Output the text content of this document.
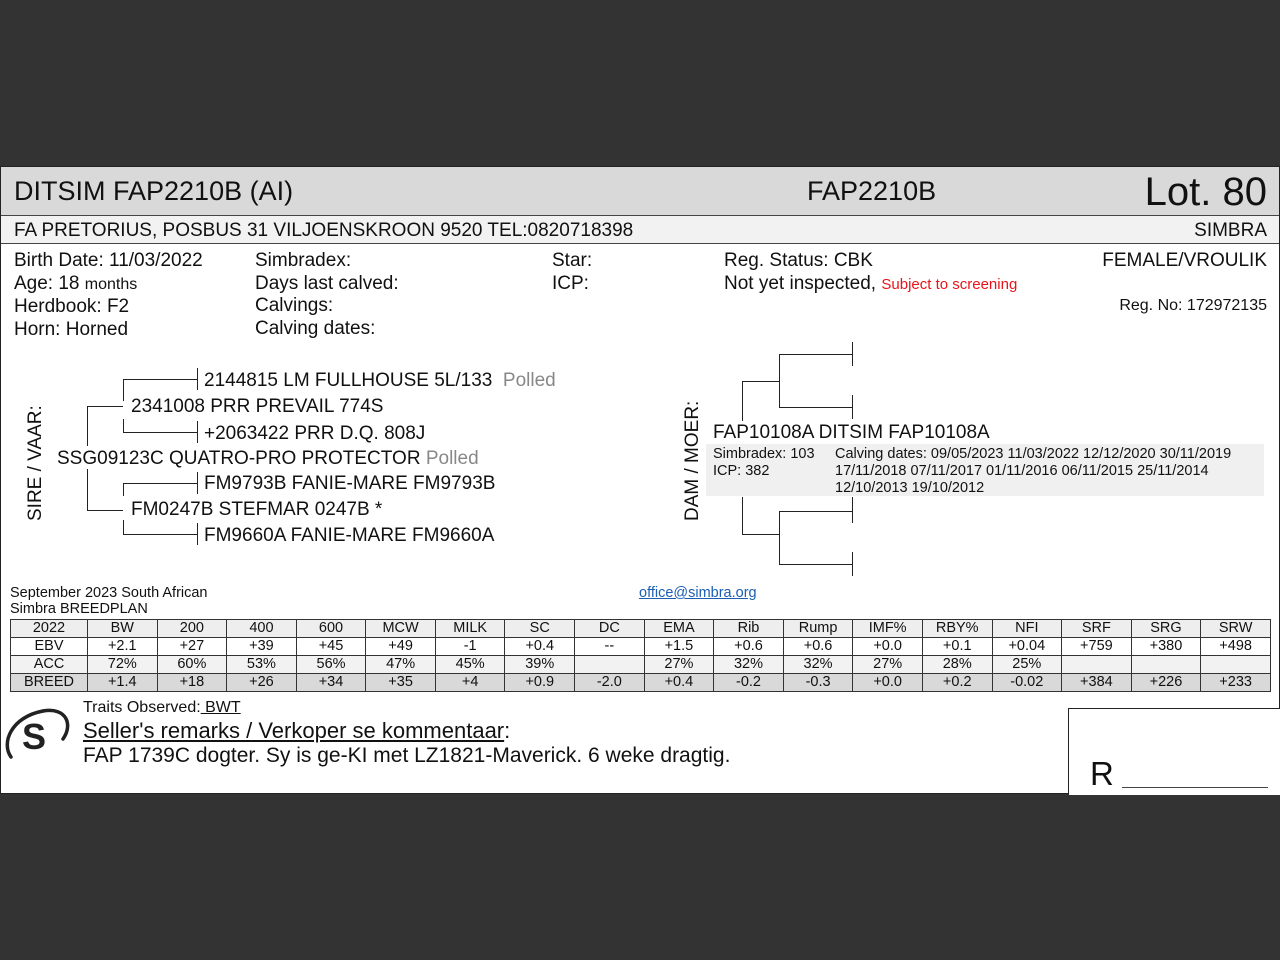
DITSIM FAP2210B (AI)	FAP2210B	Lot. 80
FA PRETORIUS, POSBUS 31 VILJOENSKROON 9520 TEL:0820718398	SIMBRA
Birth Date: 11/03/2022
Age: 18 months
Herdbook: F2
Horn: Horned
Simbradex:
Days last calved:
Calvings:
Calving dates:
Star:
ICP:
Reg. Status: CBK
Not yet inspected, Subject to screening
FEMALE/VROULIK
Reg. No: 172972135
SIRE / VAAR:
2144815 LM FULLHOUSE 5L/133 Polled
2341008 PRR PREVAIL 774S
+2063422 PRR D.Q. 808J
SSG09123C QUATRO-PRO PROTECTOR Polled
FM9793B FANIE-MARE FM9793B
FM0247B STEFMAR 0247B *
FM9660A FANIE-MARE FM9660A
DAM / MOER: FAP10108A DITSIM FAP10108A
Simbradex: 103
ICP: 382
Calving dates: 09/05/2023 11/03/2022 12/12/2020 30/11/2019
17/11/2018 07/11/2017 01/11/2016 06/11/2015 25/11/2014
12/10/2013 19/10/2012
September 2023 South African
Simbra BREEDPLAN
office@simbra.org
2022	BW	200	400	600	MCW	MILK	SC	DC	EMA	Rib	Rump	IMF%	RBY%	NFI	SRF	SRG	SRW
EBV	+2.1	+27	+39	+45	+49	-1	+0.4	--	+1.5	+0.6	+0.6	+0.0	+0.1	+0.04	+759	+380	+498
ACC	72%	60%	53%	56%	47%	45%	39%		27%	32%	32%	27%	28%	25%			
BREED	+1.4	+18	+26	+34	+35	+4	+0.9	-2.0	+0.4	-0.2	-0.3	+0.0	+0.2	-0.02	+384	+226	+233
S
Traits Observed: BWT
Seller's remarks / Verkoper se kommentaar:
FAP 1739C dogter. Sy is ge-KI met LZ1821-Maverick. 6 weke dragtig.	R
